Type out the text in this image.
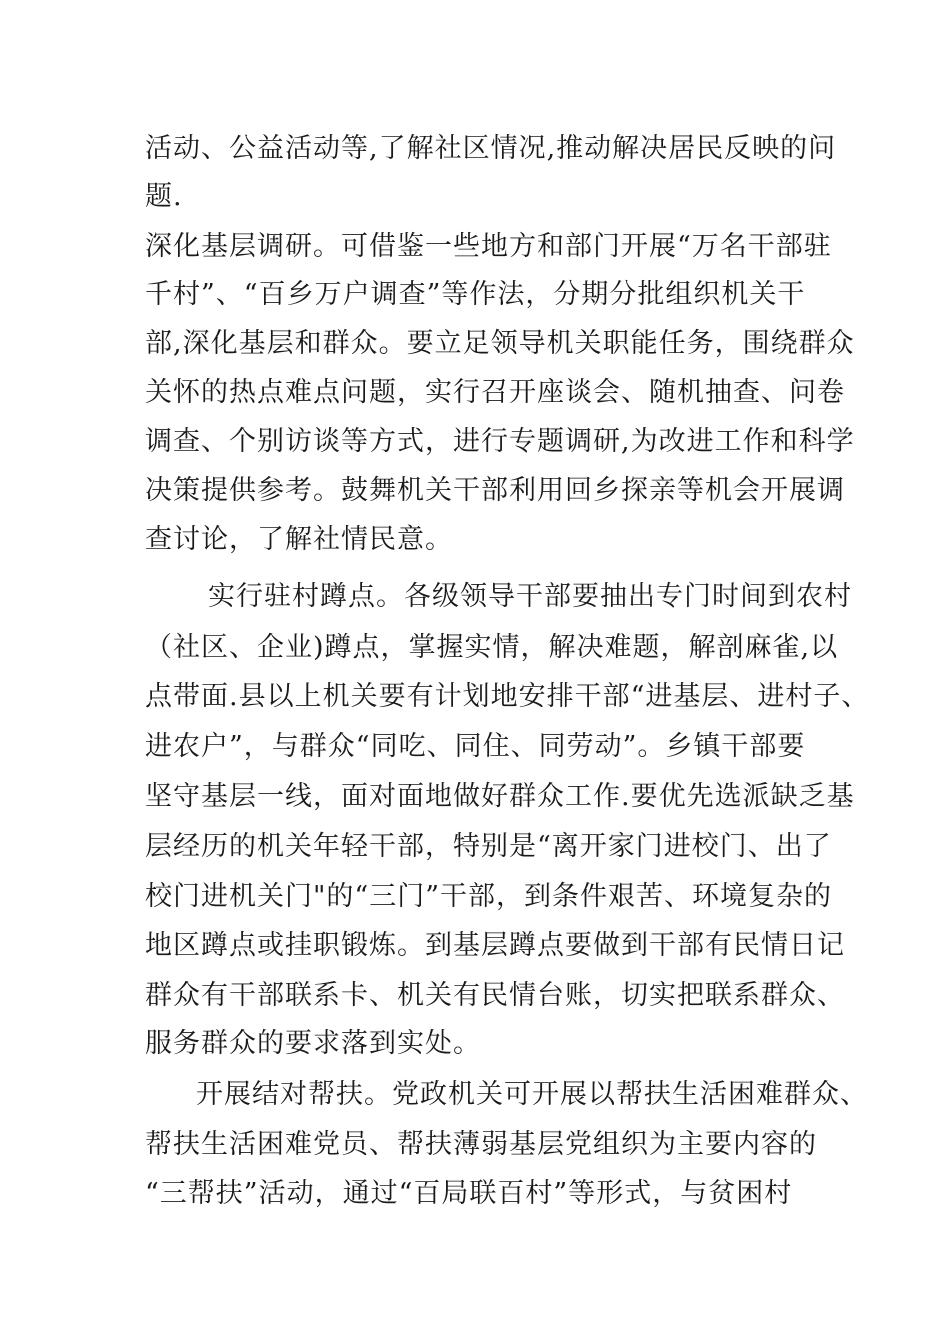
活动、公益活动等,了解社区情况,推动解决居民反映的问
题.
深化基层调研。可借鉴一些地方和部门开展“万名干部驻
千村”、“百乡万户调查”等作法，分期分批组织机关干
部,深化基层和群众。要立足领导机关职能任务，围绕群众
关怀的热点难点问题，实行召开座谈会、随机抽查、问卷
调查、个别访谈等方式，进行专题调研,为改进工作和科学
决策提供参考。鼓舞机关干部利用回乡探亲等机会开展调
查讨论，了解社情民意。
实行驻村蹲点。各级领导干部要抽出专门时间到农村
（社区、企业)蹲点，掌握实情，解决难题，解剖麻雀,以
点带面.县以上机关要有计划地安排干部“进基层、进村子、
进农户”，与群众“同吃、同住、同劳动”。乡镇干部要
坚守基层一线，面对面地做好群众工作.要优先选派缺乏基
层经历的机关年轻干部，特别是“离开家门进校门、出了
校门进机关门"的“三门”干部，到条件艰苦、环境复杂的
地区蹲点或挂职锻炼。到基层蹲点要做到干部有民情日记
群众有干部联系卡、机关有民情台账，切实把联系群众、
服务群众的要求落到实处。
开展结对帮扶。党政机关可开展以帮扶生活困难群众、
帮扶生活困难党员、帮扶薄弱基层党组织为主要内容的
“三帮扶”活动，通过“百局联百村”等形式，与贫困村
